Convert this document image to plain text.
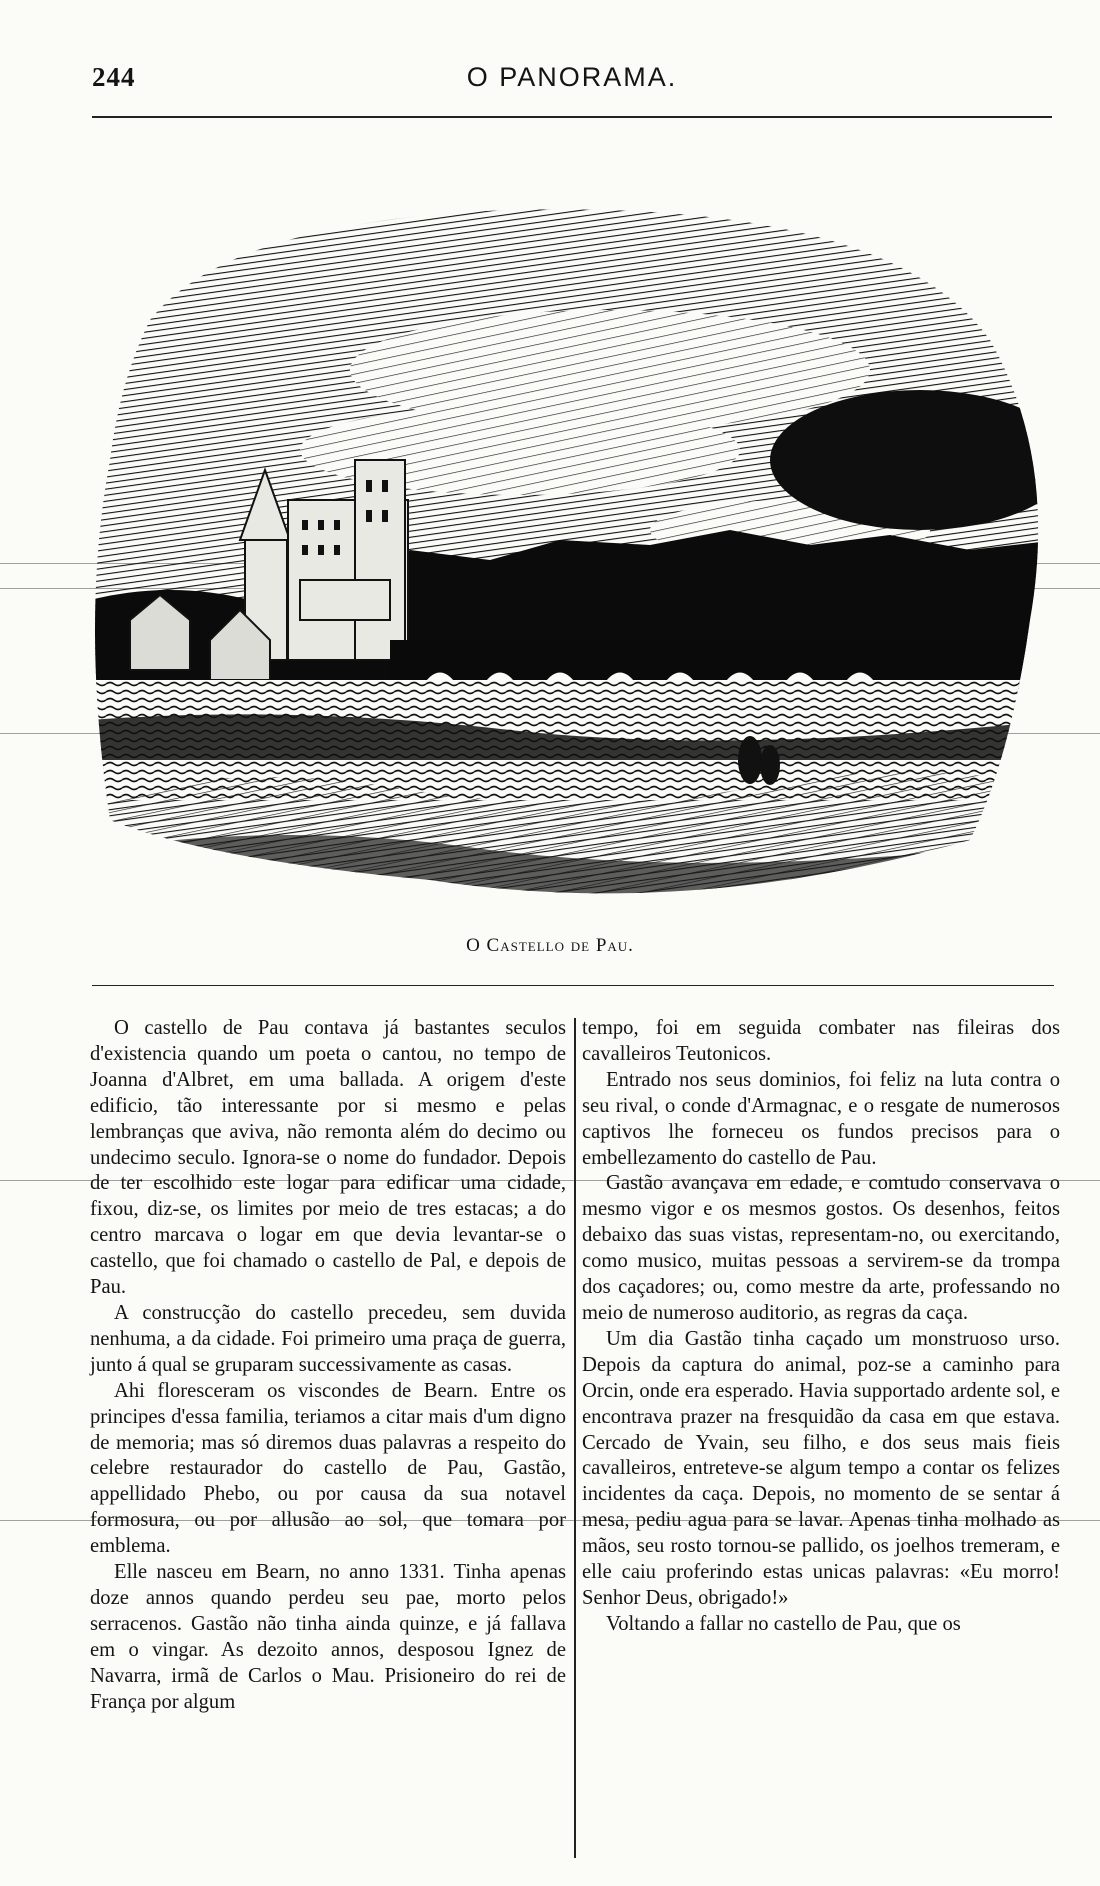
244	O PANORAMA.
O Castello de Pau.

O castello de Pau contava já bastantes seculos d'existencia quando um poeta o cantou, no tempo de Joanna d'Albret, em uma ballada. A origem d'este edificio, tão interessante por si mesmo e pelas lembranças que aviva, não remonta além do decimo ou undecimo seculo. Ignora-se o nome do fundador. Depois de ter escolhido este logar para edificar uma cidade, fixou, diz-se, os limites por meio de tres estacas; a do centro marcava o logar em que devia levantar-se o castello, que foi chamado o castello de Pal, e depois de Pau.

A construcção do castello precedeu, sem duvida nenhuma, a da cidade. Foi primeiro uma praça de guerra, junto á qual se gruparam successivamente as casas.

Ahi floresceram os viscondes de Bearn. Entre os principes d'essa familia, teriamos a citar mais d'um digno de memoria; mas só diremos duas palavras a respeito do celebre restaurador do castello de Pau, Gastão, appellidado Phebo, ou por causa da sua notavel formosura, ou por allusão ao sol, que tomara por emblema.

Elle nasceu em Bearn, no anno 1331. Tinha apenas doze annos quando perdeu seu pae, morto pelos serracenos. Gastão não tinha ainda quinze, e já fallava em o vingar. As dezoito annos, desposou Ignez de Navarra, irmã de Carlos o Mau. Prisioneiro do rei de França por algum

tempo, foi em seguida combater nas fileiras dos cavalleiros Teutonicos.

Entrado nos seus dominios, foi feliz na luta contra o seu rival, o conde d'Armagnac, e o resgate de numerosos captivos lhe forneceu os fundos precisos para o embellezamento do castello de Pau.

Gastão avançava em edade, e comtudo conservava o mesmo vigor e os mesmos gostos. Os desenhos, feitos debaixo das suas vistas, representam-no, ou exercitando, como musico, muitas pessoas a servirem-se da trompa dos caçadores; ou, como mestre da arte, professando no meio de numeroso auditorio, as regras da caça.

Um dia Gastão tinha caçado um monstruoso urso. Depois da captura do animal, poz-se a caminho para Orcin, onde era esperado. Havia supportado ardente sol, e encontrava prazer na fresquidão da casa em que estava. Cercado de Yvain, seu filho, e dos seus mais fieis cavalleiros, entreteve-se algum tempo a contar os felizes incidentes da caça. Depois, no momento de se sentar á mesa, pediu agua para se lavar. Apenas tinha molhado as mãos, seu rosto tornou-se pallido, os joelhos tremeram, e elle caiu proferindo estas unicas palavras: «Eu morro! Senhor Deus, obrigado!»

Voltando a fallar no castello de Pau, que os
